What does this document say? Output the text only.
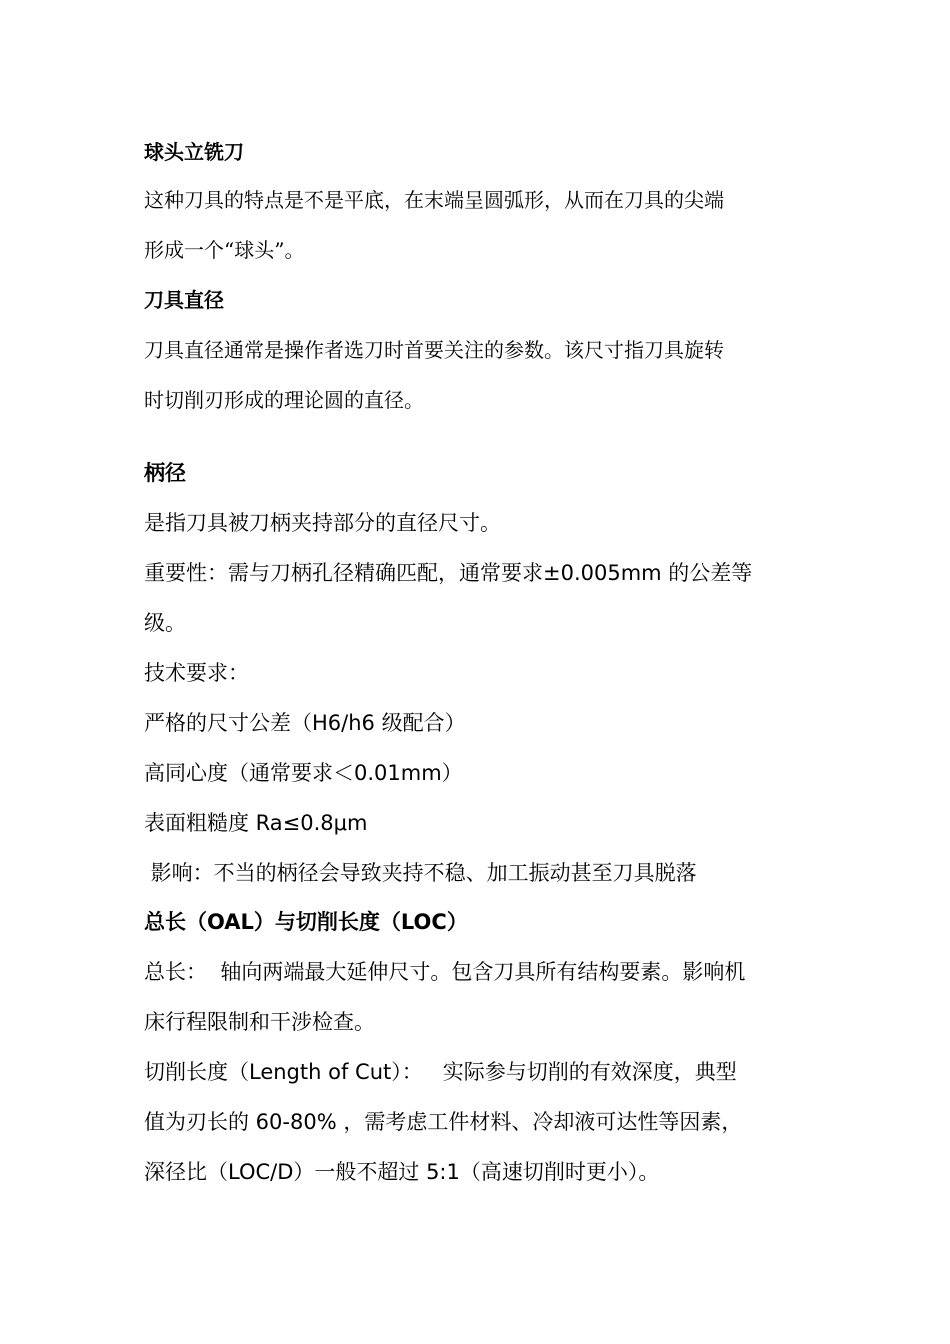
球头立铣刀
这种刀具的特点是不是平底，在末端呈圆弧形，从而在刀具的尖端
形成一个“球头”。
刀具直径
刀具直径通常是操作者选刀时首要关注的参数。该尺寸指刀具旋转
时切削刃形成的理论圆的直径。
柄径
是指刀具被刀柄夹持部分的直径尺寸。
重要性：需与刀柄孔径精确匹配，通常要求±0.005mm 的公差等
级。
技术要求：
严格的尺寸公差（H6/h6 级配合）
高同心度（通常要求＜0.01mm）
表面粗糙度 Ra≤0.8μm
影响：不当的柄径会导致夹持不稳、加工振动甚至刀具脱落
总长（OAL）与切削长度（LOC）
总长：  轴向两端最大延伸尺寸。包含刀具所有结构要素。影响机
床行程限制和干涉检查。
切削长度（Length of Cut）：   实际参与切削的有效深度，典型
值为刃长的 60-80% ，需考虑工件材料、冷却液可达性等因素，
深径比（LOC/D）一般不超过 5:1（高速切削时更小）。
